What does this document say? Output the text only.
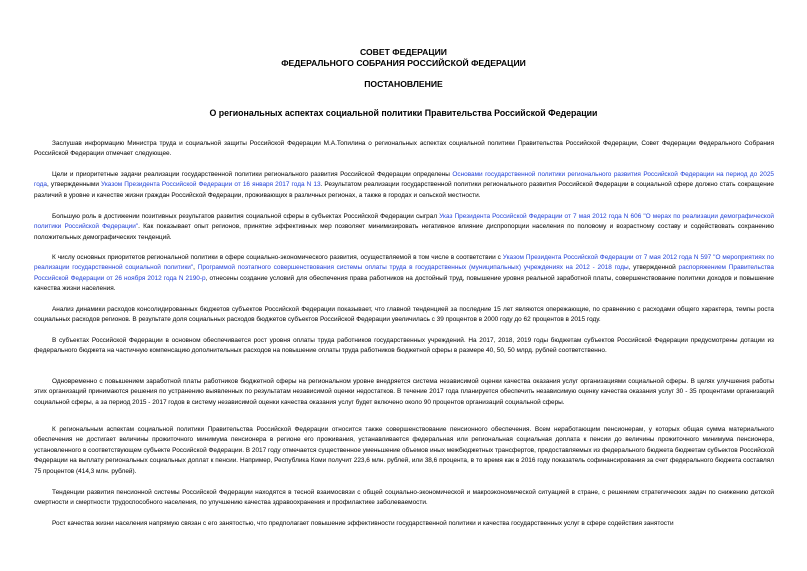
СОВЕТ ФЕДЕРАЦИИ

ФЕДЕРАЛЬНОГО СОБРАНИЯ РОССИЙСКОЙ ФЕДЕРАЦИИ

ПОСТАНОВЛЕНИЕ

О региональных аспектах социальной политики Правительства Российской Федерации

Заслушав информацию Министра труда и социальной защиты Российской Федерации М.А.Топилина о региональных аспектах социальной политики Правительства Российской Федерации, Совет Федерации Федерального Собрания Российской Федерации отмечает следующее.

Цели и приоритетные задачи реализации государственной политики регионального развития Российской Федерации определены Основами государственной политики регионального развития Российской Федерации на период до 2025 года, утвержденными Указом Президента Российской Федерации от 16 января 2017 года N 13. Результатом реализации государственной политики регионального развития Российской Федерации в социальной сфере должно стать сокращение различий в уровне и качестве жизни граждан Российской Федерации, проживающих в различных регионах, а также в городах и сельской местности.

Большую роль в достижении позитивных результатов развития социальной сферы в субъектах Российской Федерации сыграл Указ Президента Российской Федерации от 7 мая 2012 года N 606 "О мерах по реализации демографической политики Российской Федерации". Как показывает опыт регионов, принятие эффективных мер позволяет минимизировать негативное влияние диспропорции населения по половому и возрастному составу и содействовать сохранению положительных демографических тенденций.

К числу основных приоритетов региональной политики в сфере социально-экономического развития, осуществляемой в том числе в соответствии с Указом Президента Российской Федерации от 7 мая 2012 года N 597 "О мероприятиях по реализации государственной социальной политики", Программой поэтапного совершенствования системы оплаты труда в государственных (муниципальных) учреждениях на 2012 - 2018 годы, утвержденной распоряжением Правительства Российской Федерации от 26 ноября 2012 года N 2190-р, отнесены создание условий для обеспечения права работников на достойный труд, повышение уровня реальной заработной платы, совершенствование политики доходов и повышение качества жизни населения.

Анализ динамики расходов консолидированных бюджетов субъектов Российской Федерации показывает, что главной тенденцией за последние 15 лет являются опережающие, по сравнению с расходами общего характера, темпы роста социальных расходов регионов. В результате доля социальных расходов бюджетов субъектов Российской Федерации увеличилась с 39 процентов в 2000 году до 62 процентов в 2015 году.

В субъектах Российской Федерации в основном обеспечивается рост уровня оплаты труда работников государственных учреждений. На 2017, 2018, 2019 годы бюджетам субъектов Российской Федерации предусмотрены дотации из федерального бюджета на частичную компенсацию дополнительных расходов на повышение оплаты труда работников бюджетной сферы в размере 40, 50, 50 млрд. рублей соответственно.

Одновременно с повышением заработной платы работников бюджетной сферы на региональном уровне внедряется система независимой оценки качества оказания услуг организациями социальной сферы. В целях улучшения работы этих организаций принимаются решения по устранению выявленных по результатам независимой оценки недостатков. В течение 2017 года планируется обеспечить независимую оценку качества оказания услуг 30 - 35 процентами организаций социальной сферы, а за период 2015 - 2017 годов в систему независимой оценки качества оказания услуг будет включено около 90 процентов организаций социальной сферы.

К региональным аспектам социальной политики Правительства Российской Федерации относится также совершенствование пенсионного обеспечения. Всем неработающим пенсионерам, у которых общая сумма материального обеспечения не достигает величины прожиточного минимума пенсионера в регионе его проживания, устанавливается федеральная или региональная социальная доплата к пенсии до величины прожиточного минимума пенсионера, установленного в соответствующем субъекте Российской Федерации. В 2017 году отмечается существенное уменьшение объемов иных межбюджетных трансфертов, предоставляемых из федерального бюджета бюджетам субъектов Российской Федерации на выплату региональных социальных доплат к пенсии. Например, Республика Коми получит 223,6 млн. рублей, или 38,6 процента, в то время как в 2016 году показатель софинансирования за счет федерального бюджета составлял 75 процентов (414,3 млн. рублей).

Тенденции развития пенсионной системы Российской Федерации находятся в тесной взаимосвязи с общей социально-экономической и макроэкономической ситуацией в стране, с решением стратегических задач по снижению детской смертности и смертности трудоспособного населения, по улучшению качества здравоохранения и профилактике заболеваемости.

Рост качества жизни населения напрямую связан с его занятостью, что предполагает повышение эффективности государственной политики и качества государственных услуг в сфере содействия занятости
